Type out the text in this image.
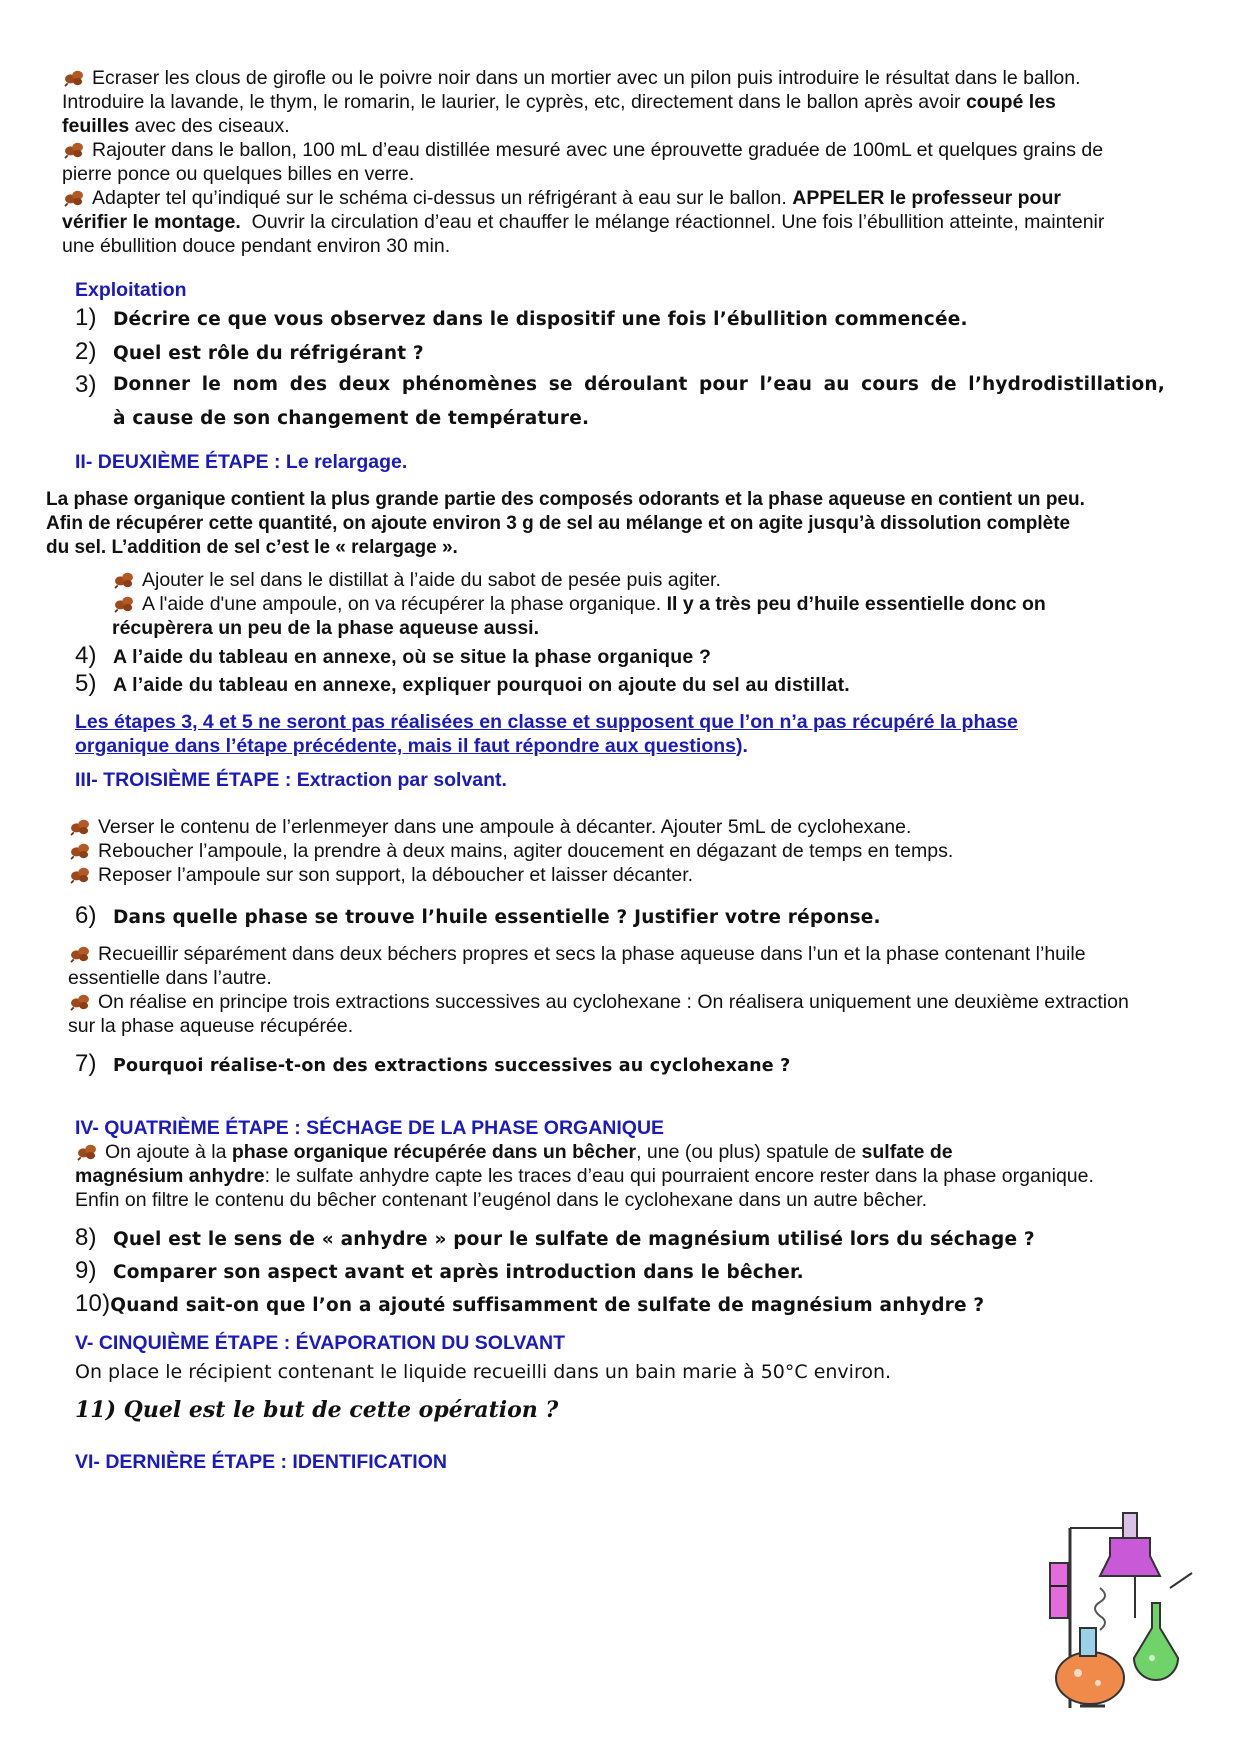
Ecraser les clous de girofle ou le poivre noir dans un mortier avec un pilon puis introduire le résultat dans le ballon.
Introduire la lavande, le thym, le romarin, le laurier, le cyprès, etc, directement dans le ballon après avoir coupé les
feuilles avec des ciseaux.
Rajouter dans le ballon, 100 mL d’eau distillée mesuré avec une éprouvette graduée de 100mL et quelques grains de
pierre ponce ou quelques billes en verre.
Adapter tel qu’indiqué sur le schéma ci-dessus un réfrigérant à eau sur le ballon. APPELER le professeur pour
vérifier le montage. Ouvrir la circulation d’eau et chauffer le mélange réactionnel. Une fois l’ébullition atteinte, maintenir
une ébullition douce pendant environ 30 min.
Exploitation
1) Décrire ce que vous observez dans le dispositif une fois l’ébullition commencée.
2) Quel est rôle du réfrigérant ?
3) Donner le nom des deux phénomènes se déroulant pour l’eau au cours de l’hydrodistillation,
à cause de son changement de température.
II- DEUXIÈME ÉTAPE : Le relargage.
La phase organique contient la plus grande partie des composés odorants et la phase aqueuse en contient un peu.
Afin de récupérer cette quantité, on ajoute environ 3 g de sel au mélange et on agite jusqu’à dissolution complète
du sel. L’addition de sel c’est le « relargage ».
Ajouter le sel dans le distillat à l’aide du sabot de pesée puis agiter.
A l'aide d'une ampoule, on va récupérer la phase organique. Il y a très peu d’huile essentielle donc on
récupèrera un peu de la phase aqueuse aussi.
4) A l’aide du tableau en annexe, où se situe la phase organique ?
5) A l’aide du tableau en annexe, expliquer pourquoi on ajoute du sel au distillat.
Les étapes 3, 4 et 5 ne seront pas réalisées en classe et supposent que l’on n’a pas récupéré la phase
organique dans l’étape précédente, mais il faut répondre aux questions).
III- TROISIÈME ÉTAPE : Extraction par solvant.
Verser le contenu de l’erlenmeyer dans une ampoule à décanter. Ajouter 5mL de cyclohexane.
Reboucher l’ampoule, la prendre à deux mains, agiter doucement en dégazant de temps en temps.
Reposer l’ampoule sur son support, la déboucher et laisser décanter.
6) Dans quelle phase se trouve l’huile essentielle ? Justifier votre réponse.
Recueillir séparément dans deux béchers propres et secs la phase aqueuse dans l’un et la phase contenant l’huile
essentielle dans l’autre.
On réalise en principe trois extractions successives au cyclohexane : On réalisera uniquement une deuxième extraction
sur la phase aqueuse récupérée.
7) Pourquoi réalise-t-on des extractions successives au cyclohexane ?
IV- QUATRIÈME ÉTAPE : SÉCHAGE DE LA PHASE ORGANIQUE
On ajoute à la phase organique récupérée dans un bêcher, une (ou plus) spatule de sulfate de
magnésium anhydre: le sulfate anhydre capte les traces d’eau qui pourraient encore rester dans la phase organique.
Enfin on filtre le contenu du bêcher contenant l’eugénol dans le cyclohexane dans un autre bêcher.
8) Quel est le sens de « anhydre » pour le sulfate de magnésium utilisé lors du séchage ?
9) Comparer son aspect avant et après introduction dans le bêcher.
10)Quand sait-on que l’on a ajouté suffisamment de sulfate de magnésium anhydre ?
V- CINQUIÈME ÉTAPE : ÉVAPORATION DU SOLVANT
On place le récipient contenant le liquide recueilli dans un bain marie à 50°C environ.
11) Quel est le but de cette opération ?
VI- DERNIÈRE ÉTAPE : IDENTIFICATION
